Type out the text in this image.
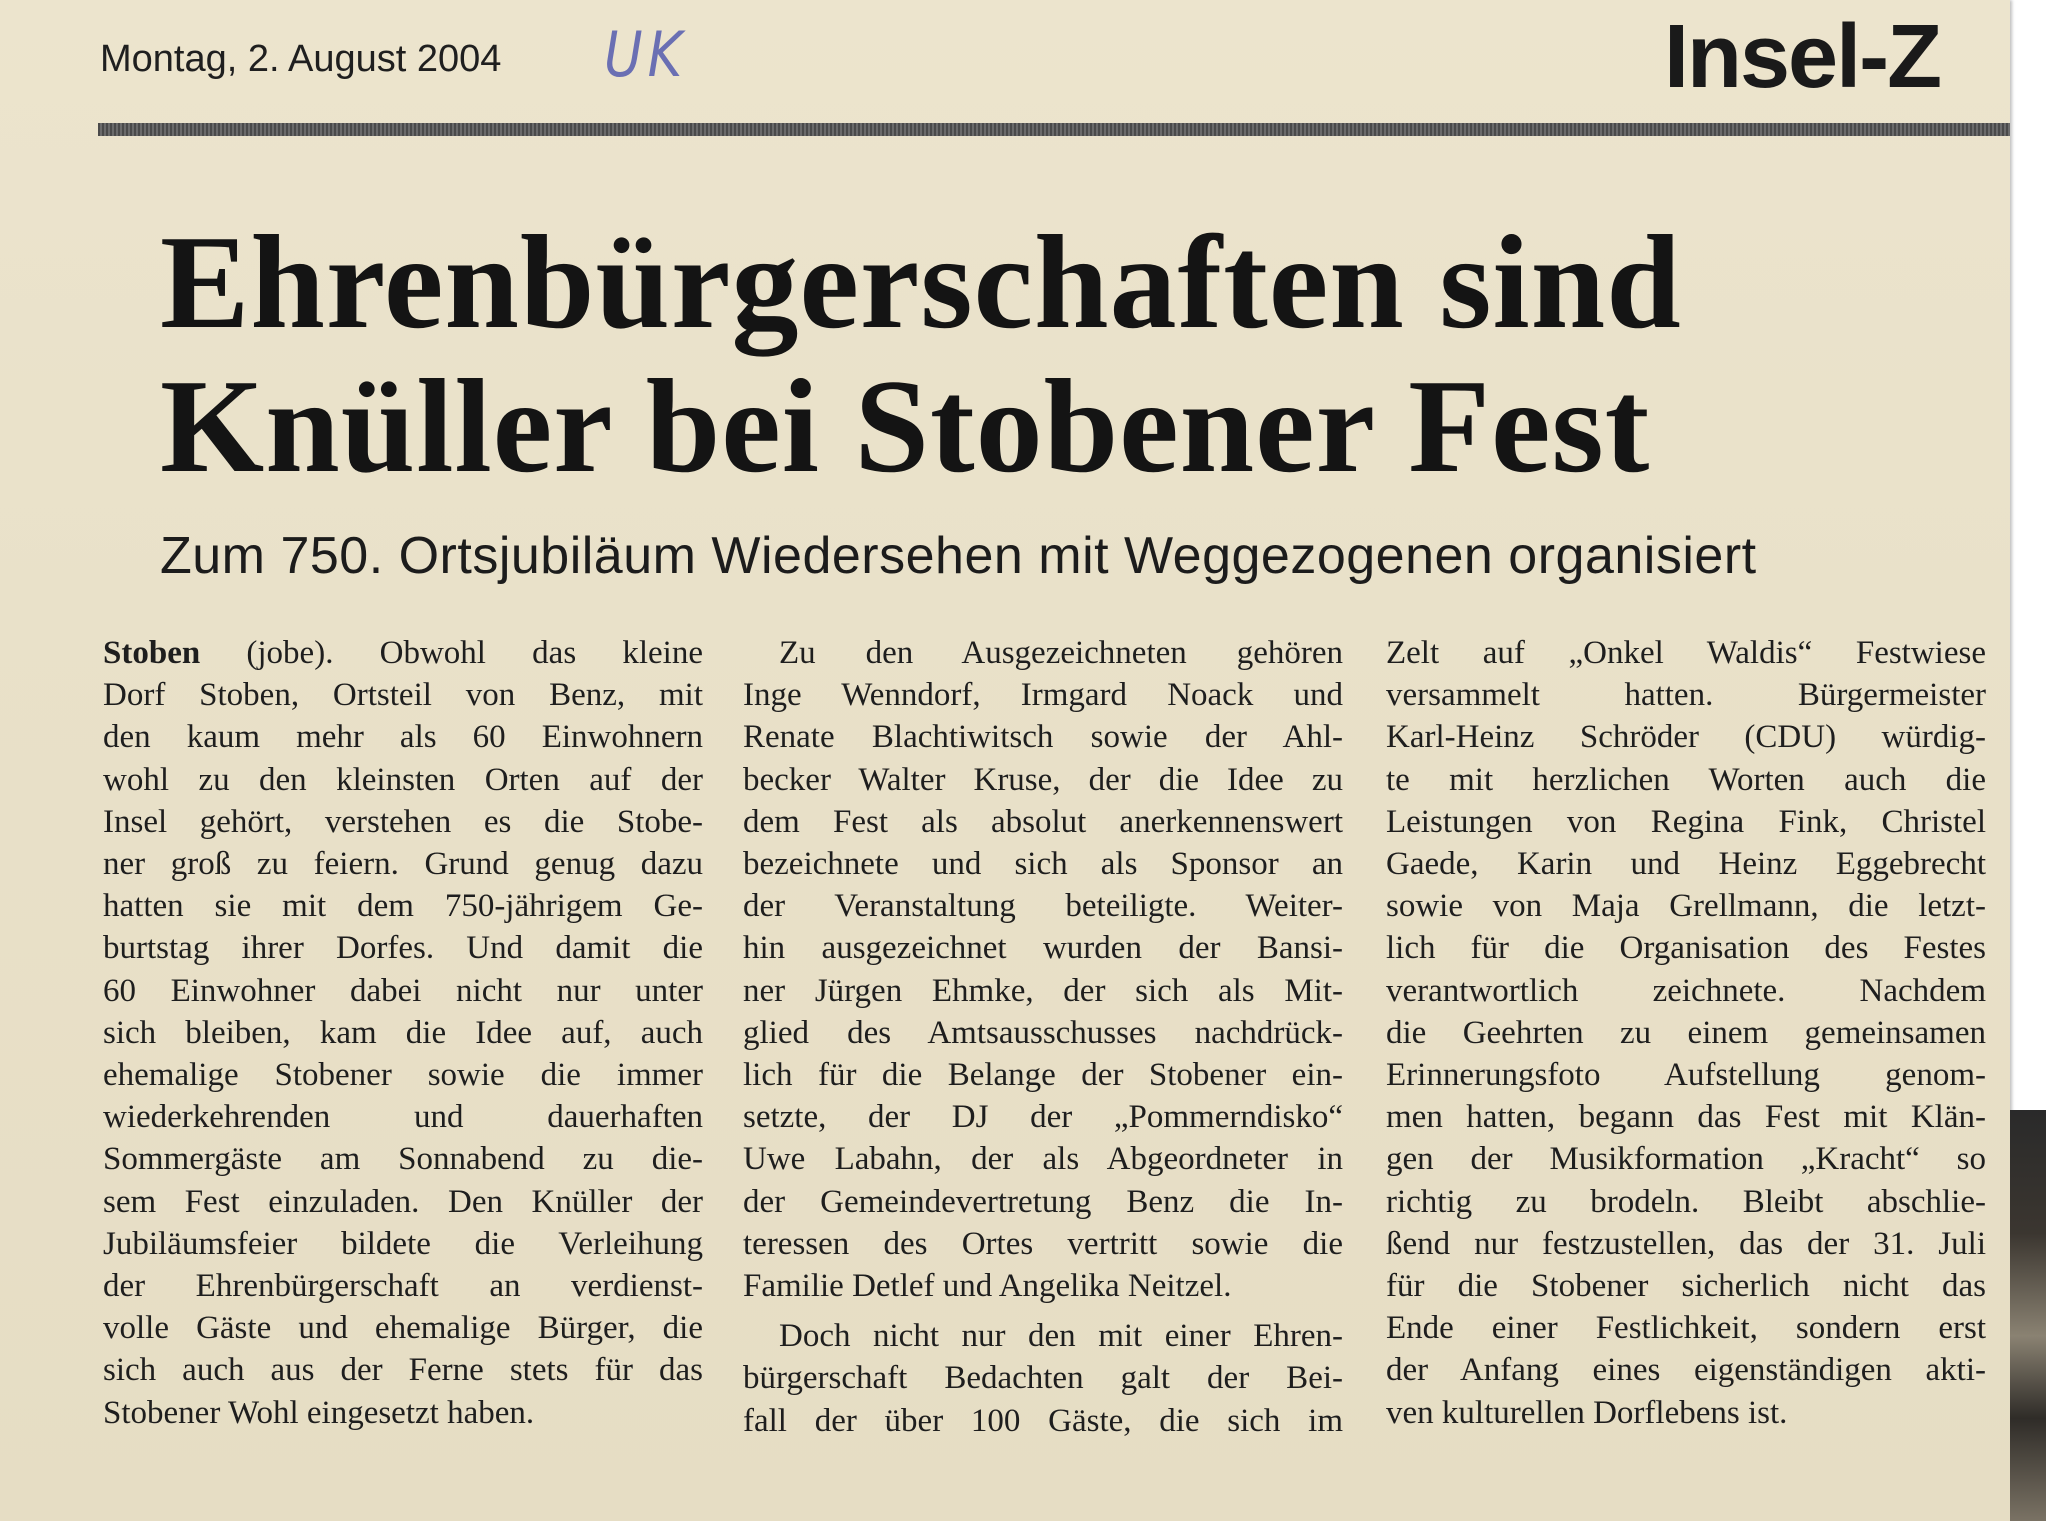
Montag, 2. August 2004 UK	Insel-Z
Ehrenbürgerschaften sind
Knüller bei Stobener Fest
Zum 750. Ortsjubiläum Wiedersehen mit Weggezogenen organisiert
Stoben (jobe). Obwohl das kleine
Dorf Stoben, Ortsteil von Benz, mit
den kaum mehr als 60 Einwohnern
wohl zu den kleinsten Orten auf der
Insel gehört, verstehen es die Stobe-
ner groß zu feiern. Grund genug dazu
hatten sie mit dem 750-jährigem Ge-
burtstag ihrer Dorfes. Und damit die
60 Einwohner dabei nicht nur unter
sich bleiben, kam die Idee auf, auch
ehemalige Stobener sowie die immer
wiederkehrenden und dauerhaften
Sommergäste am Sonnabend zu die-
sem Fest einzuladen. Den Knüller der
Jubiläumsfeier bildete die Verleihung
der Ehrenbürgerschaft an verdienst-
volle Gäste und ehemalige Bürger, die
sich auch aus der Ferne stets für das
Stobener Wohl eingesetzt haben.
Zu den Ausgezeichneten gehören
Inge Wenndorf, Irmgard Noack und
Renate Blachtiwitsch sowie der Ahl-
becker Walter Kruse, der die Idee zu
dem Fest als absolut anerkennenswert
bezeichnete und sich als Sponsor an
der Veranstaltung beteiligte. Weiter-
hin ausgezeichnet wurden der Bansi-
ner Jürgen Ehmke, der sich als Mit-
glied des Amtsausschusses nachdrück-
lich für die Belange der Stobener ein-
setzte, der DJ der „Pommerndisko“
Uwe Labahn, der als Abgeordneter in
der Gemeindevertretung Benz die In-
teressen des Ortes vertritt sowie die
Familie Detlef und Angelika Neitzel.
Doch nicht nur den mit einer Ehren-
bürgerschaft Bedachten galt der Bei-
fall der über 100 Gäste, die sich im
Zelt auf „Onkel Waldis“ Festwiese
versammelt hatten. Bürgermeister
Karl-Heinz Schröder (CDU) würdig-
te mit herzlichen Worten auch die
Leistungen von Regina Fink, Christel
Gaede, Karin und Heinz Eggebrecht
sowie von Maja Grellmann, die letzt-
lich für die Organisation des Festes
verantwortlich zeichnete. Nachdem
die Geehrten zu einem gemeinsamen
Erinnerungsfoto Aufstellung genom-
men hatten, begann das Fest mit Klän-
gen der Musikformation „Kracht“ so
richtig zu brodeln. Bleibt abschlie-
ßend nur festzustellen, das der 31. Juli
für die Stobener sicherlich nicht das
Ende einer Festlichkeit, sondern erst
der Anfang eines eigenständigen akti-
ven kulturellen Dorflebens ist.
